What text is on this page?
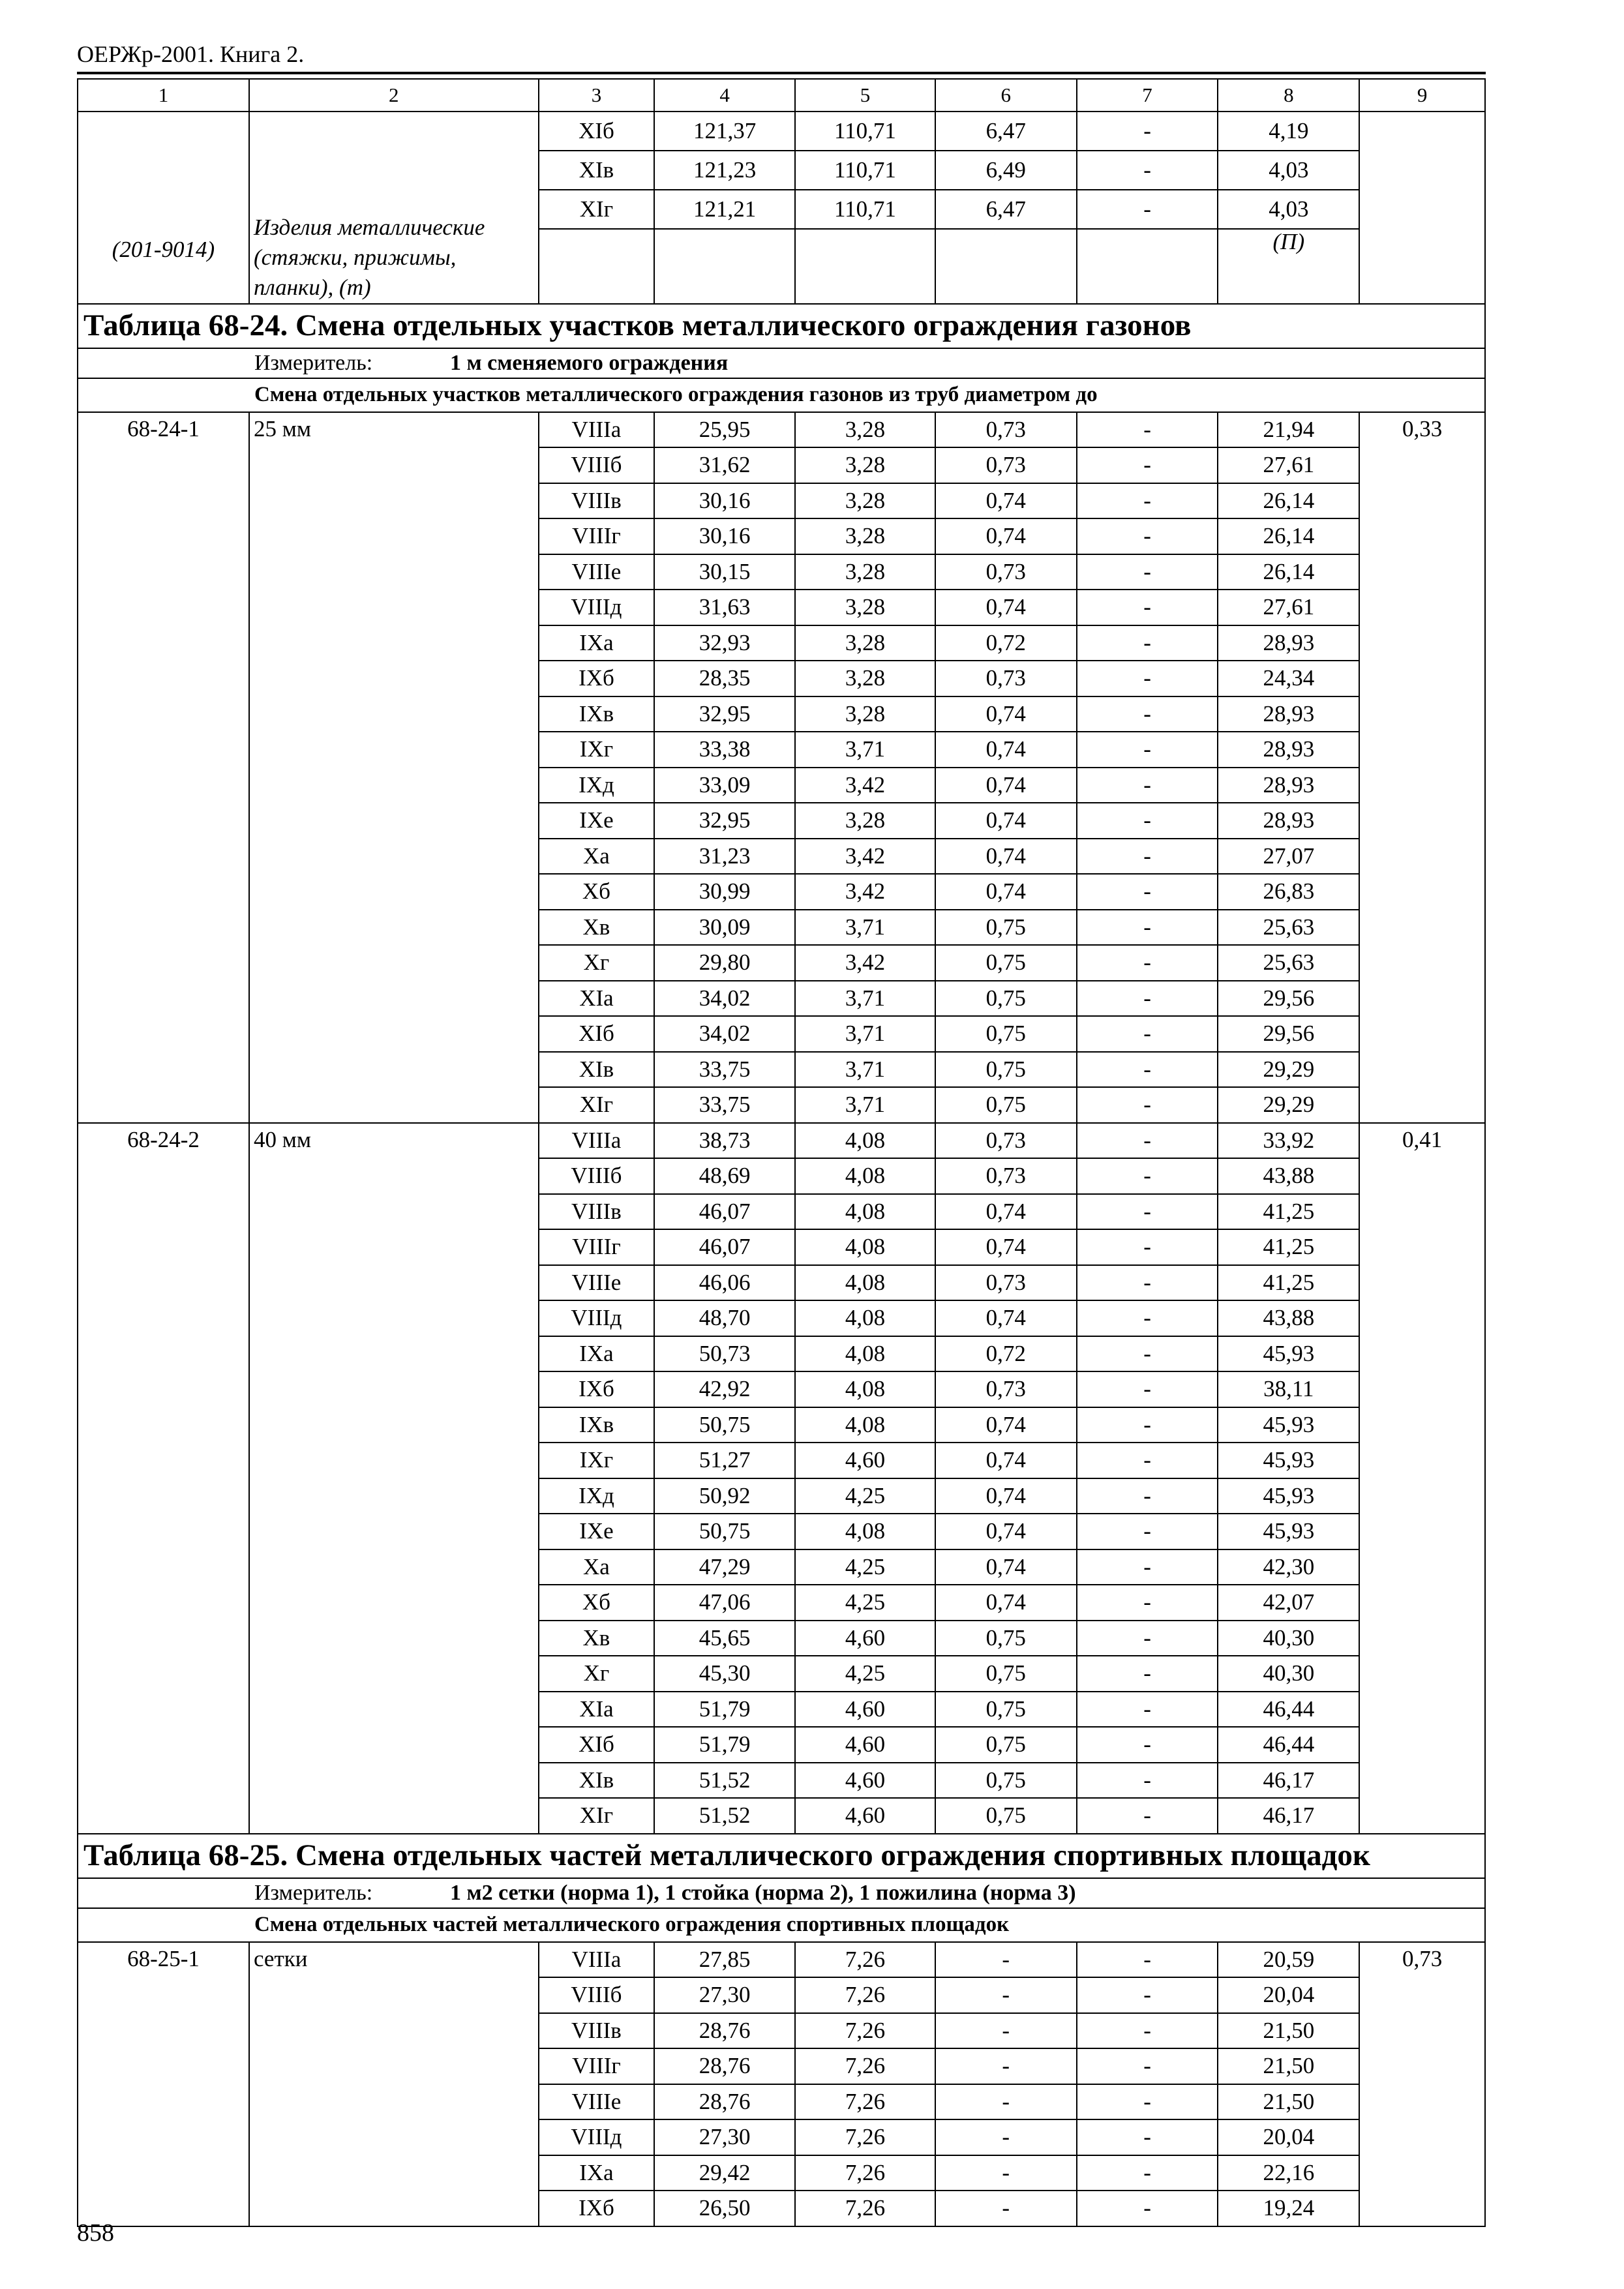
ОЕРЖр-2001. Книга 2.
1	2	3	4	5	6	7	8	9
(201-9014)	Изделия металлические (стяжки, прижимы, планки), (т)	XIб	121,37	110,71	6,47	-	4,19	
		XIв	121,23	110,71	6,49	-	4,03	
		XIг	121,21	110,71	6,47	-	4,03	
							(П)	
Таблица 68-24. Смена отдельных участков металлического ограждения газонов								
Измеритель: 1 м сменяемого ограждения								
Смена отдельных участков металлического ограждения газонов из труб диаметром до								
68-24-1	25 мм	VIIIа	25,95	3,28	0,73	-	21,94	0,33
		VIIIб	31,62	3,28	0,73	-	27,61	
		VIIIв	30,16	3,28	0,74	-	26,14	
		VIIIг	30,16	3,28	0,74	-	26,14	
		VIIIе	30,15	3,28	0,73	-	26,14	
		VIIIд	31,63	3,28	0,74	-	27,61	
		IXа	32,93	3,28	0,72	-	28,93	
		IXб	28,35	3,28	0,73	-	24,34	
		IXв	32,95	3,28	0,74	-	28,93	
		IXг	33,38	3,71	0,74	-	28,93	
		IXд	33,09	3,42	0,74	-	28,93	
		IXе	32,95	3,28	0,74	-	28,93	
		Xа	31,23	3,42	0,74	-	27,07	
		Xб	30,99	3,42	0,74	-	26,83	
		Xв	30,09	3,71	0,75	-	25,63	
		Xг	29,80	3,42	0,75	-	25,63	
		XIа	34,02	3,71	0,75	-	29,56	
		XIб	34,02	3,71	0,75	-	29,56	
		XIв	33,75	3,71	0,75	-	29,29	
		XIг	33,75	3,71	0,75	-	29,29	
68-24-2	40 мм	VIIIа	38,73	4,08	0,73	-	33,92	0,41
		VIIIб	48,69	4,08	0,73	-	43,88	
		VIIIв	46,07	4,08	0,74	-	41,25	
		VIIIг	46,07	4,08	0,74	-	41,25	
		VIIIе	46,06	4,08	0,73	-	41,25	
		VIIIд	48,70	4,08	0,74	-	43,88	
		IXа	50,73	4,08	0,72	-	45,93	
		IXб	42,92	4,08	0,73	-	38,11	
		IXв	50,75	4,08	0,74	-	45,93	
		IXг	51,27	4,60	0,74	-	45,93	
		IXд	50,92	4,25	0,74	-	45,93	
		IXе	50,75	4,08	0,74	-	45,93	
		Xа	47,29	4,25	0,74	-	42,30	
		Xб	47,06	4,25	0,74	-	42,07	
		Xв	45,65	4,60	0,75	-	40,30	
		Xг	45,30	4,25	0,75	-	40,30	
		XIа	51,79	4,60	0,75	-	46,44	
		XIб	51,79	4,60	0,75	-	46,44	
		XIв	51,52	4,60	0,75	-	46,17	
		XIг	51,52	4,60	0,75	-	46,17	
Таблица 68-25. Смена отдельных частей металлического ограждения спортивных площадок								
Измеритель: 1 м2 сетки (норма 1), 1 стойка (норма 2), 1 пожилина (норма 3)								
Смена отдельных частей металлического ограждения спортивных площадок								
68-25-1	сетки	VIIIа	27,85	7,26	-	-	20,59	0,73
		VIIIб	27,30	7,26	-	-	20,04	
		VIIIв	28,76	7,26	-	-	21,50	
		VIIIг	28,76	7,26	-	-	21,50	
		VIIIе	28,76	7,26	-	-	21,50	
		VIIIд	27,30	7,26	-	-	20,04	
		IXа	29,42	7,26	-	-	22,16	
		IXб	26,50	7,26	-	-	19,24	
858
